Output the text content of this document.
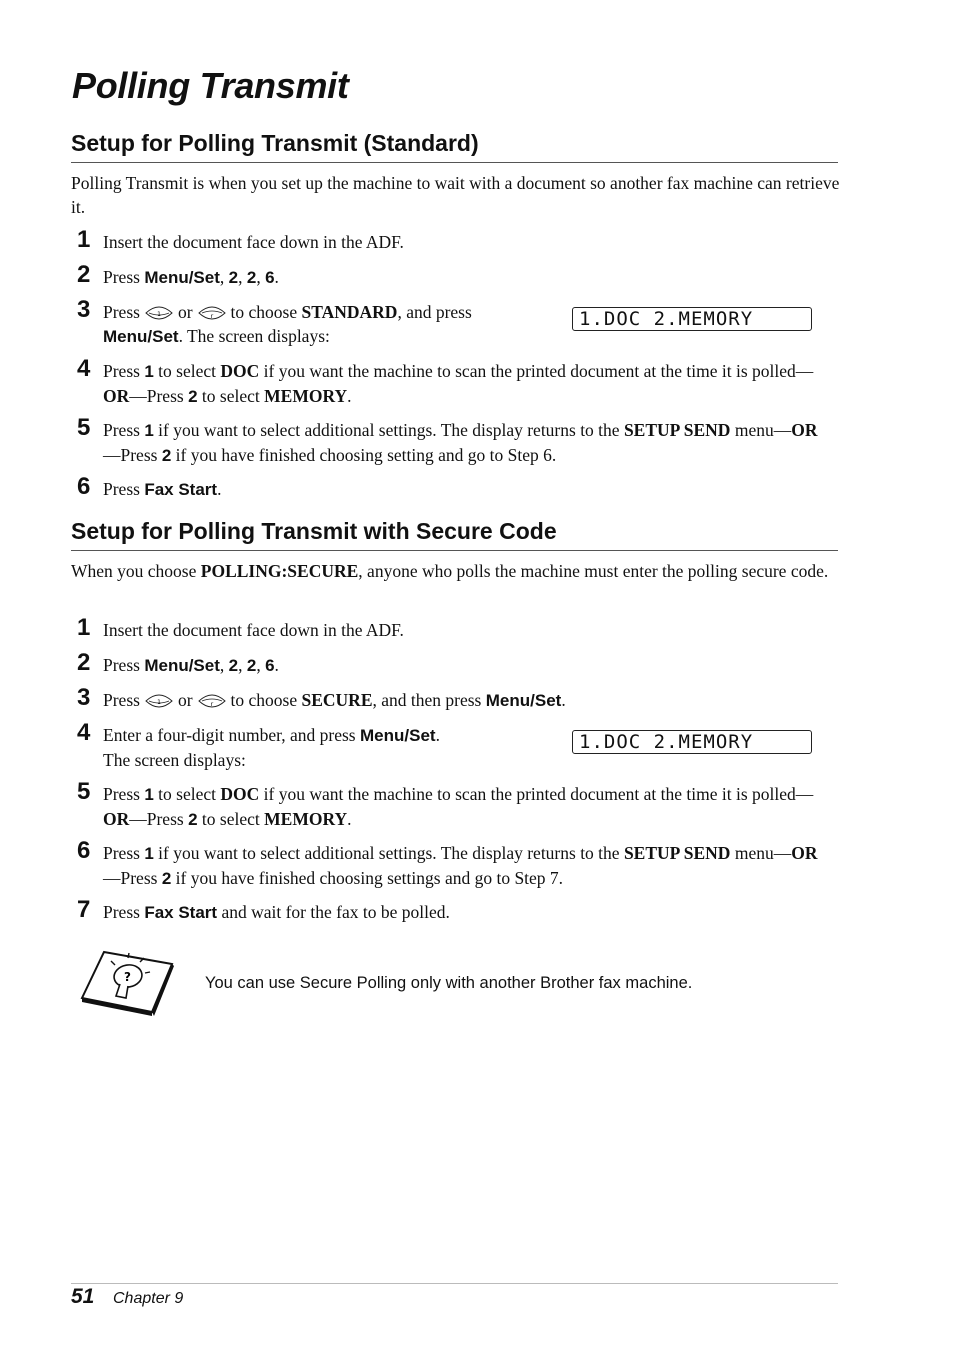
Polling Transmit
Setup for Polling Transmit (Standard)

Polling Transmit is when you set up the machine to wait with a document so another fax machine can retrieve it.

1 Insert the document face down in the ADF.
2 Press Menu/Set, 2, 2, 6.
3 Press	1 or	r to choose STANDARD, and press Menu/Set. The screen displays:
1.DOC 2.MEMORY
4 Press 1 to select DOC if you want the machine to scan the printed document at the time it is polled—OR—Press 2 to select MEMORY.
5 Press 1 if you want to select additional settings. The display returns to the SETUP SEND menu—OR—Press 2 if you have finished choosing setting and go to Step 6.
6 Press Fax Start.
Setup for Polling Transmit with Secure Code

When you choose POLLING:SECURE, anyone who polls the machine must enter the polling secure code.

1 Insert the document face down in the ADF.
2 Press Menu/Set, 2, 2, 6.
3 Press	1 or	r to choose SECURE, and then press Menu/Set.
4 Enter a four-digit number, and press Menu/Set.
The screen displays:
1.DOC 2.MEMORY
5 Press 1 to select DOC if you want the machine to scan the printed document at the time it is polled—OR—Press 2 to select MEMORY.
6 Press 1 if you want to select additional settings. The display returns to the SETUP SEND menu—OR—Press 2 if you have finished choosing settings and go to Step 7.
7 Press Fax Start and wait for the fax to be polled.
?	You can use Secure Polling only with another Brother fax machine.
51 Chapter 9
